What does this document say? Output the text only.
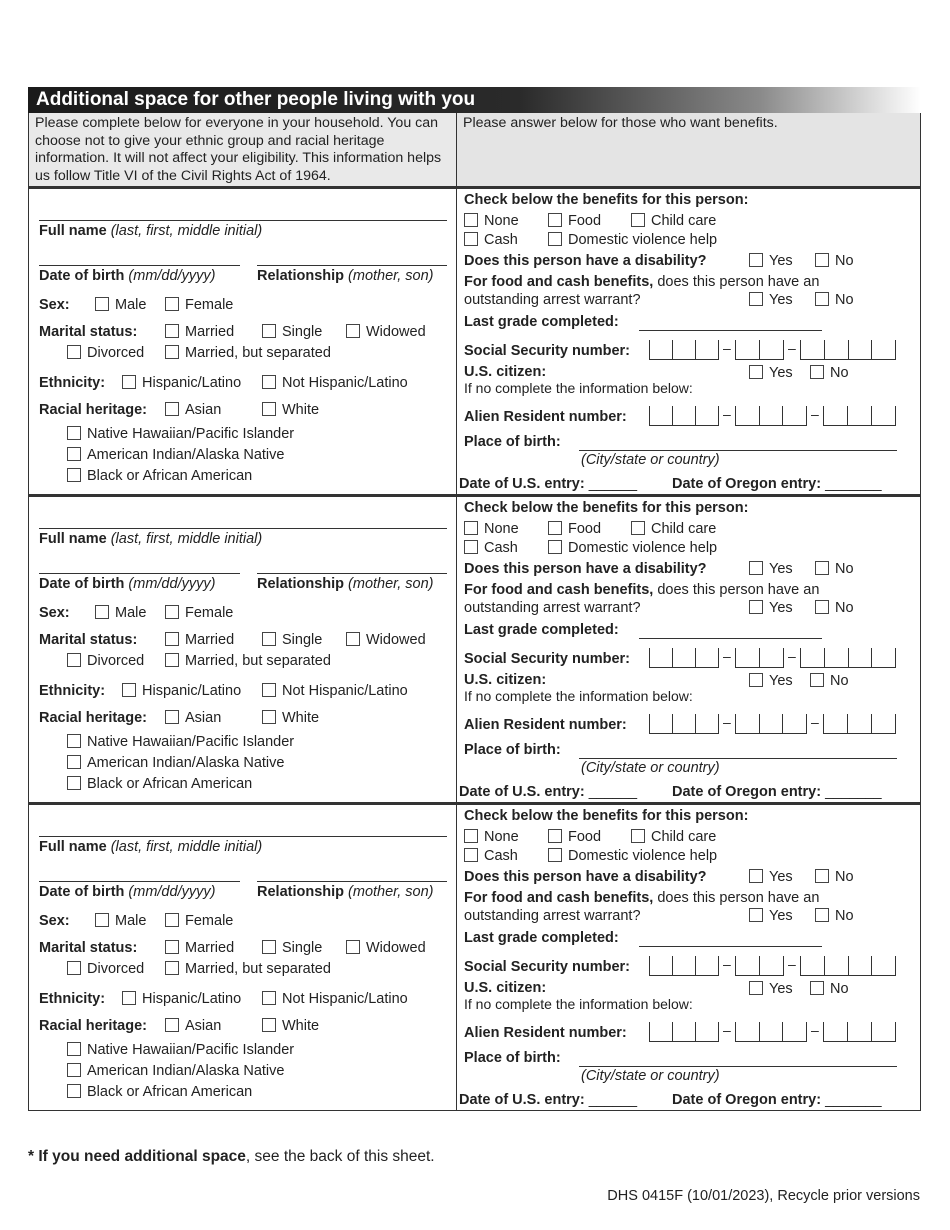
Additional space for other people living with you
Please complete below for everyone in your household. You can choose not to give your ethnic group and racial heritage information. It will not affect your eligibility. This information helps us follow Title VI of the Civil Rights Act of 1964.
Please answer below for those who want benefits.
Full name (last, first, middle initial)
Date of birth (mm/dd/yyyy)	Relationship (mother, son)
Sex:	Male	Female
Marital status:	Married	Single	Widowed
Divorced	Married, but separated
Ethnicity:	Hispanic/Latino	Not Hispanic/Latino
Racial heritage:	Asian	White
Native Hawaiian/Pacific Islander
American Indian/Alaska Native
Black or African American
Check below the benefits for this person:
None	Food	Child care
Cash	Domestic violence help
Does this person have a disability?	Yes	No
For food and cash benefits, does this person have an
outstanding arrest warrant?	Yes	No
Last grade completed:
Social Security number:	–	–
U.S. citizen:	Yes	No
If no complete the information below:
Alien Resident number:	–	–
Place of birth:
(City/state or country)
Date of U.S. entry: ______ Date of Oregon entry: _______
Full name (last, first, middle initial)
Date of birth (mm/dd/yyyy)	Relationship (mother, son)
Sex:	Male	Female
Marital status:	Married	Single	Widowed
Divorced	Married, but separated
Ethnicity:	Hispanic/Latino	Not Hispanic/Latino
Racial heritage:	Asian	White
Native Hawaiian/Pacific Islander
American Indian/Alaska Native
Black or African American
Check below the benefits for this person:
None	Food	Child care
Cash	Domestic violence help
Does this person have a disability?	Yes	No
For food and cash benefits, does this person have an
outstanding arrest warrant?	Yes	No
Last grade completed:
Social Security number:	–	–
U.S. citizen:	Yes	No
If no complete the information below:
Alien Resident number:	–	–
Place of birth:
(City/state or country)
Date of U.S. entry: ______ Date of Oregon entry: _______
Full name (last, first, middle initial)
Date of birth (mm/dd/yyyy)	Relationship (mother, son)
Sex:	Male	Female
Marital status:	Married	Single	Widowed
Divorced	Married, but separated
Ethnicity:	Hispanic/Latino	Not Hispanic/Latino
Racial heritage:	Asian	White
Native Hawaiian/Pacific Islander
American Indian/Alaska Native
Black or African American
Check below the benefits for this person:
None	Food	Child care
Cash	Domestic violence help
Does this person have a disability?	Yes	No
For food and cash benefits, does this person have an
outstanding arrest warrant?	Yes	No
Last grade completed:
Social Security number:	–	–
U.S. citizen:	Yes	No
If no complete the information below:
Alien Resident number:	–	–
Place of birth:
(City/state or country)
Date of U.S. entry: ______ Date of Oregon entry: _______
* If you need additional space, see the back of this sheet.
DHS 0415F (10/01/2023), Recycle prior versions
